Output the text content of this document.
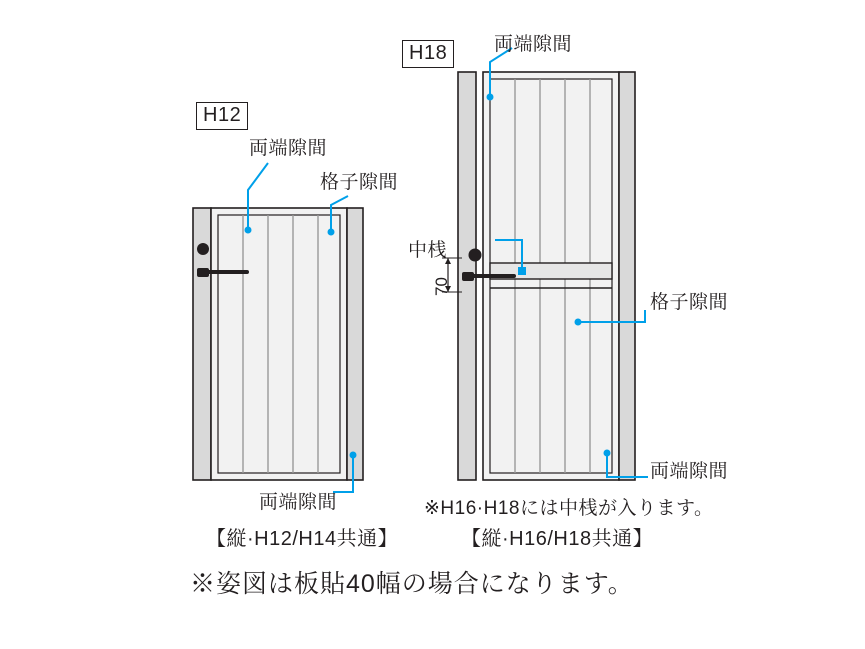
H12
両端隙間
格子隙間
両端隙間
【縦·H12/H14共通】
H18	両端隙間
中桟
70
格子隙間
両端隙間
※H16·H18には中桟が入ります。
【縦·H16/H18共通】
※姿図は板貼40幅の場合になります。
